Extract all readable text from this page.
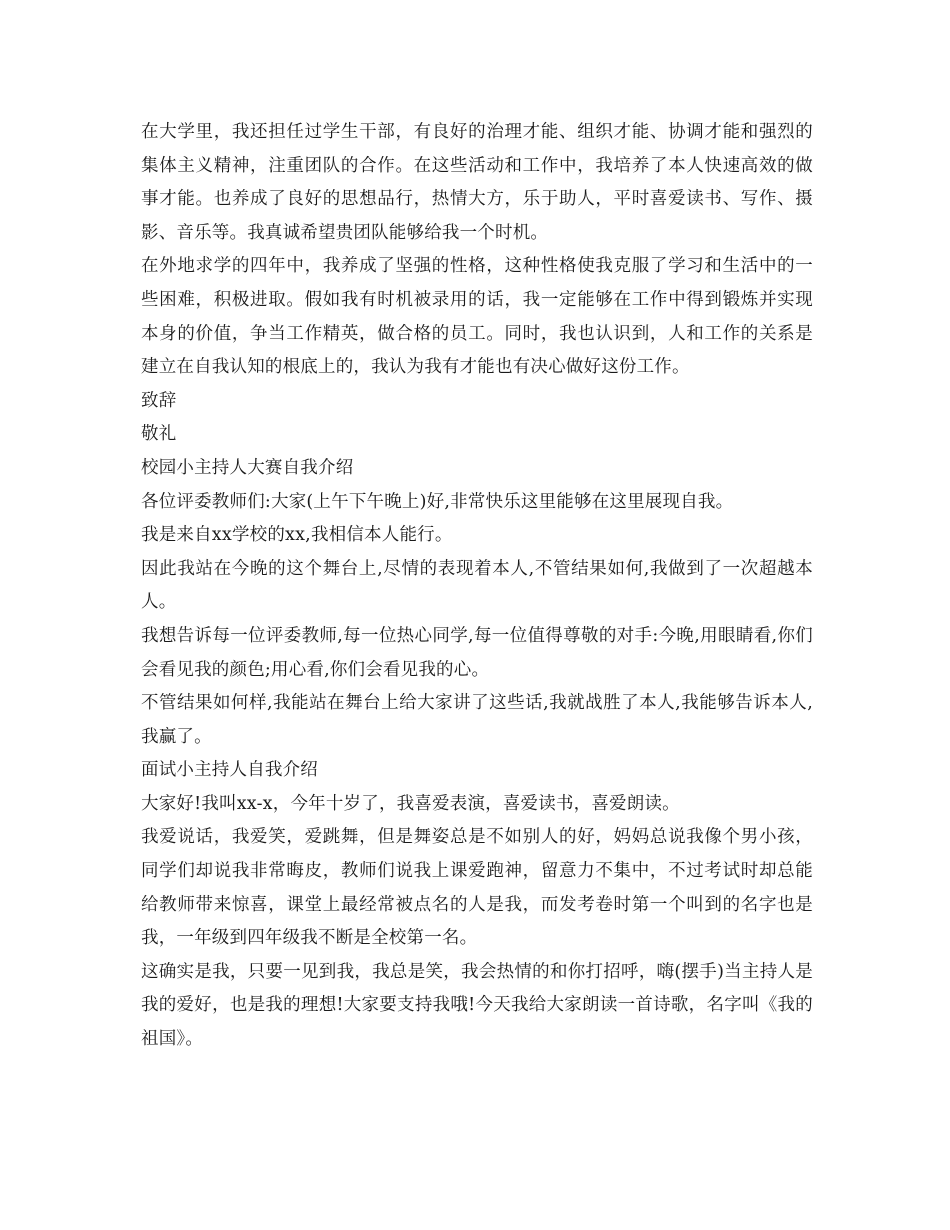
在大学里，我还担任过学生干部，有良好的治理才能、组织才能、协调才能和强烈的集体主义精神，注重团队的合作。在这些活动和工作中，我培养了本人快速高效的做事才能。也养成了良好的思想品行，热情大方，乐于助人，平时喜爱读书、写作、摄影、音乐等。我真诚希望贵团队能够给我一个时机。

在外地求学的四年中，我养成了坚强的性格，这种性格使我克服了学习和生活中的一些困难，积极进取。假如我有时机被录用的话，我一定能够在工作中得到锻炼并实现本身的价值，争当工作精英，做合格的员工。同时，我也认识到，人和工作的关系是建立在自我认知的根底上的，我认为我有才能也有决心做好这份工作。

致辞

敬礼

校园小主持人大赛自我介绍

各位评委教师们:大家(上午下午晚上)好,非常快乐这里能够在这里展现自我。

我是来自xx学校的xx,我相信本人能行。

因此我站在今晚的这个舞台上,尽情的表现着本人,不管结果如何,我做到了一次超越本人。

我想告诉每一位评委教师,每一位热心同学,每一位值得尊敬的对手:今晚,用眼睛看,你们会看见我的颜色;用心看,你们会看见我的心。

不管结果如何样,我能站在舞台上给大家讲了这些话,我就战胜了本人,我能够告诉本人,我赢了。

面试小主持人自我介绍

大家好!我叫xx-x，今年十岁了，我喜爱表演，喜爱读书，喜爱朗读。

我爱说话，我爱笑，爱跳舞，但是舞姿总是不如别人的好，妈妈总说我像个男小孩，同学们却说我非常晦皮，教师们说我上课爱跑神，留意力不集中，不过考试时却总能给教师带来惊喜，课堂上最经常被点名的人是我，而发考卷时第一个叫到的名字也是我，一年级到四年级我不断是全校第一名。

这确实是我，只要一见到我，我总是笑，我会热情的和你打招呼，嗨(摆手)当主持人是我的爱好，也是我的理想!大家要支持我哦!今天我给大家朗读一首诗歌，名字叫《我的祖国》。
